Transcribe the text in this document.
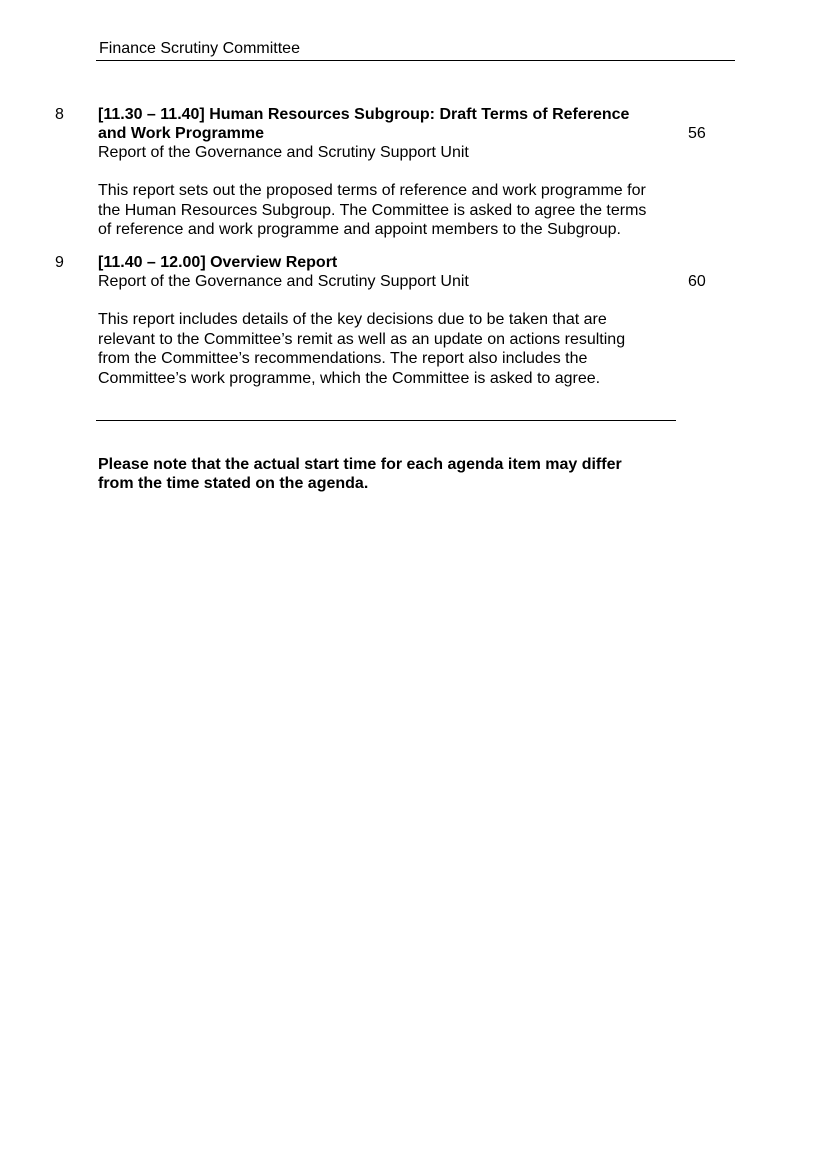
Finance Scrutiny Committee
8 [11.30 – 11.40] Human Resources Subgroup: Draft Terms of Reference
and Work Programme

Report of the Governance and Scrutiny Support Unit

This report sets out the proposed terms of reference and work programme for
the Human Resources Subgroup. The Committee is asked to agree the terms
of reference and work programme and appoint members to the Subgroup.

56
9 [11.40 – 12.00] Overview Report

Report of the Governance and Scrutiny Support Unit

This report includes details of the key decisions due to be taken that are
relevant to the Committee’s remit as well as an update on actions resulting
from the Committee’s recommendations. The report also includes the
Committee’s work programme, which the Committee is asked to agree.

60
Please note that the actual start time for each agenda item may differ
from the time stated on the agenda.
